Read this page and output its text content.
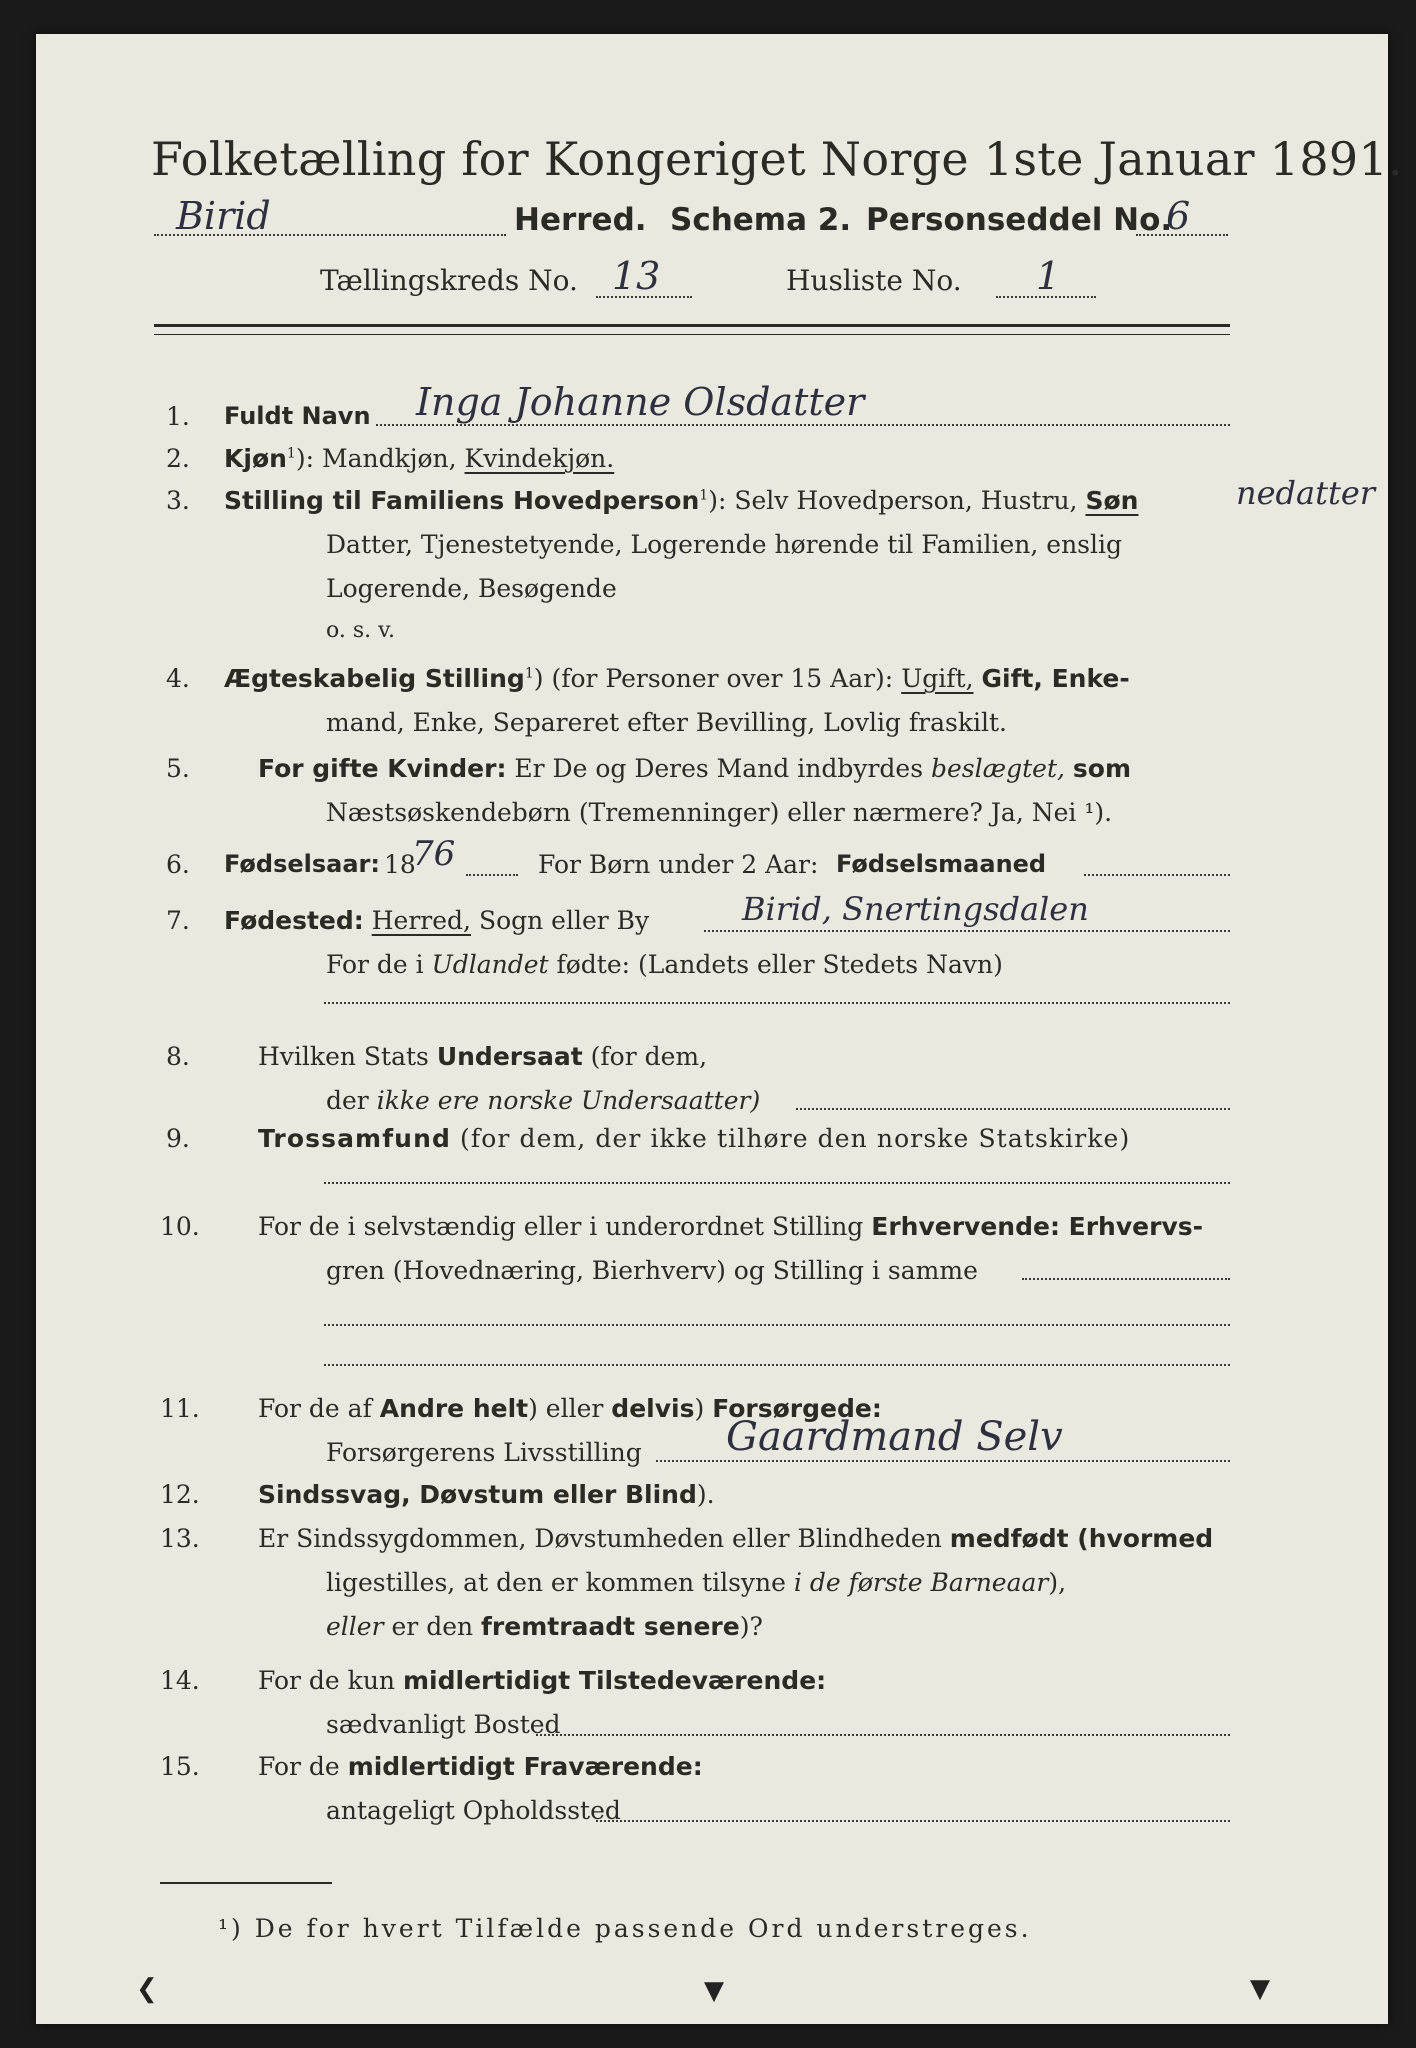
Folketælling for Kongeriget Norge 1ste Januar 1891.
Birid	Herred. Schema 2. Personseddel No.
6
Tællingskreds No. 13	Husliste No. 1
1. Fuldt Navn Inga Johanne Olsdatter
2. Kjøn$^1$): Mandkjøn, Kvindekjøn.
3. Stilling til Familiens Hovedperson$^1$): Selv Hovedperson, Hustru, Søn	nedatter
Datter, Tjenestetyende, Logerende hørende til Familien, enslig
Logerende, Besøgende
o. s. v.
4. Ægteskabelig Stilling$^1$) (for Personer over 15 Aar): Ugift, Gift, Enke-
mand, Enke, Separeret efter Bevilling, Lovlig fraskilt.
5.	For gifte Kvinder: Er De og Deres Mand indbyrdes beslægtet, som
Næstsøskendebørn (Tremenninger) eller nærmere? Ja, Nei ¹).
6. Fødselsaar: 18
76	For Børn under 2 Aar: Fødselsmaaned
7. Fødested: Herred, Sogn eller By	Birid, Snertingsdalen
For de i Udlandet fødte: (Landets eller Stedets Navn)
8.	Hvilken Stats Undersaat (for dem,
der ikke ere norske Undersaatter)
9.	Trossamfund (for dem, der ikke tilhøre den norske Statskirke)
10. For de i selvstændig eller i underordnet Stilling Erhvervende: Erhvervs-
gren (Hovednæring, Bierhverv) og Stilling i samme
11. For de af Andre helt) eller delvis) Forsørgede:
Forsørgerens Livsstilling Gaardmand Selv
12. Sindssvag, Døvstum eller Blind).
13. Er Sindssygdommen, Døvstumheden eller Blindheden medfødt (hvormed
ligestilles, at den er kommen tilsyne i de første Barneaar),
eller er den fremtraadt senere)?
14. For de kun midlertidigt Tilstedeværende:
sædvanligt Bosted
15. For de midlertidigt Fraværende:
antageligt Opholdssted
¹) De for hvert Tilfælde passende Ord understreges.
❮	▼	▼
